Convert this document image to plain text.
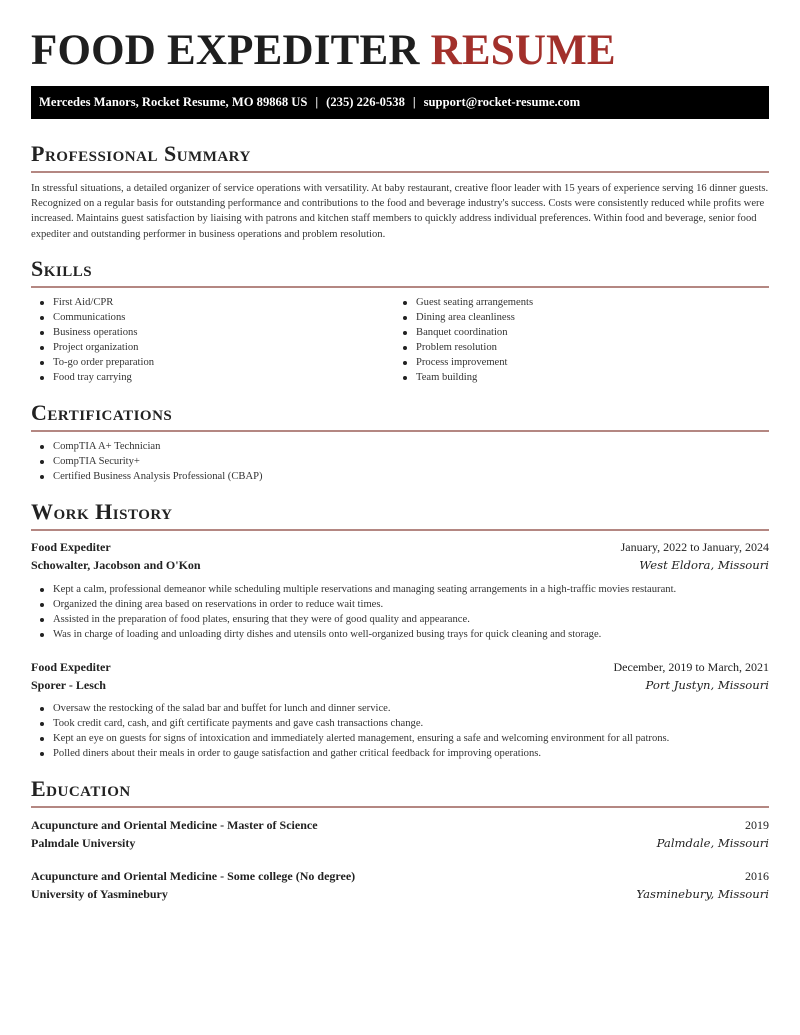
FOOD EXPEDITER RESUME
Mercedes Manors, Rocket Resume, MO 89868 US | (235) 226-0538 | support@rocket-resume.com
Professional Summary
In stressful situations, a detailed organizer of service operations with versatility. At baby restaurant, creative floor leader with 15 years of experience serving 16 dinner guests. Recognized on a regular basis for outstanding performance and contributions to the food and beverage industry's success. Costs were consistently reduced while profits were increased. Maintains guest satisfaction by liaising with patrons and kitchen staff members to quickly address individual preferences. Within food and beverage, senior food expediter and outstanding performer in business operations and problem resolution.
Skills
First Aid/CPR
Communications
Business operations
Project organization
To-go order preparation
Food tray carrying
Guest seating arrangements
Dining area cleanliness
Banquet coordination
Problem resolution
Process improvement
Team building
Certifications
CompTIA A+ Technician
CompTIA Security+
Certified Business Analysis Professional (CBAP)
Work History
Food Expediter	January, 2022 to January, 2024
Schowalter, Jacobson and O'Kon	West Eldora, Missouri
Kept a calm, professional demeanor while scheduling multiple reservations and managing seating arrangements in a high-traffic movies restaurant.
Organized the dining area based on reservations in order to reduce wait times.
Assisted in the preparation of food plates, ensuring that they were of good quality and appearance.
Was in charge of loading and unloading dirty dishes and utensils onto well-organized busing trays for quick cleaning and storage.
Food Expediter	December, 2019 to March, 2021
Sporer - Lesch	Port Justyn, Missouri
Oversaw the restocking of the salad bar and buffet for lunch and dinner service.
Took credit card, cash, and gift certificate payments and gave cash transactions change.
Kept an eye on guests for signs of intoxication and immediately alerted management, ensuring a safe and welcoming environment for all patrons.
Polled diners about their meals in order to gauge satisfaction and gather critical feedback for improving operations.
Education
Acupuncture and Oriental Medicine - Master of Science	2019
Palmdale University	Palmdale, Missouri
Acupuncture and Oriental Medicine - Some college (No degree)	2016
University of Yasminebury	Yasminebury, Missouri
